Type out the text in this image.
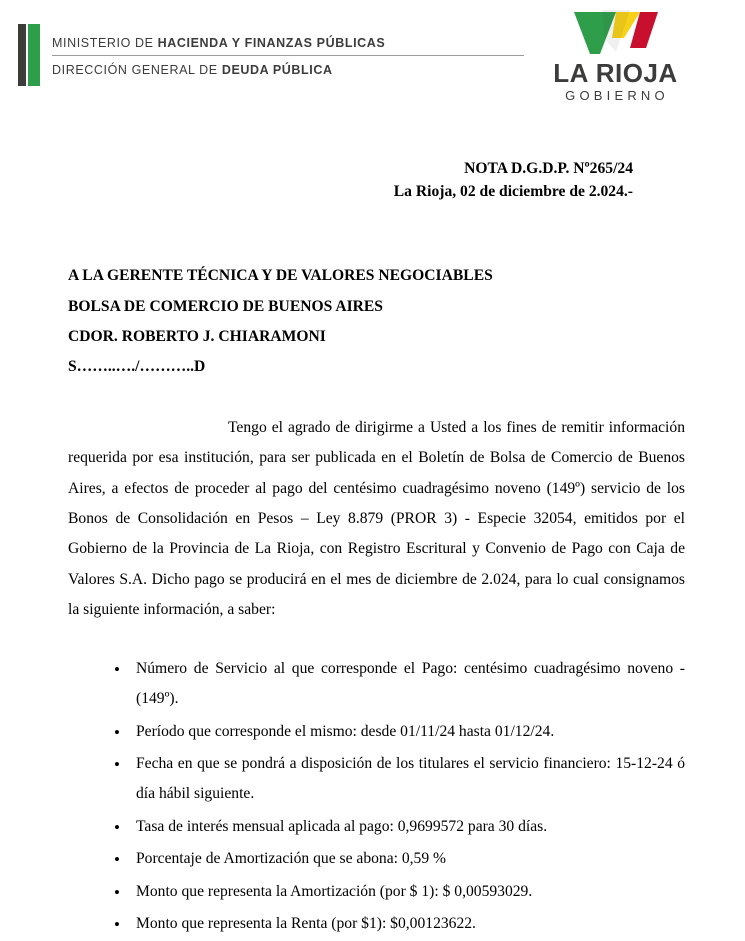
MINISTERIO DE HACIENDA Y FINANZAS PÚBLICAS
DIRECCIÓN GENERAL DE DEUDA PÚBLICA	LA RIOJA
GOBIERNO
NOTA D.G.D.P. Nº265/24
La Rioja, 02 de diciembre de 2.024.-
A LA GERENTE TÉCNICA Y DE VALORES NEGOCIABLES
BOLSA DE COMERCIO DE BUENOS AIRES
CDOR. ROBERTO J. CHIARAMONI
S……..…./………..D

Tengo el agrado de dirigirme a Usted a los fines de remitir información requerida por esa institución, para ser publicada en el Boletín de Bolsa de Comercio de Buenos Aires, a efectos de proceder al pago del centésimo cuadragésimo noveno (149º) servicio de los Bonos de Consolidación en Pesos – Ley 8.879 (PROR 3) - Especie 32054, emitidos por el Gobierno de la Provincia de La Rioja, con Registro Escritural y Convenio de Pago con Caja de Valores S.A. Dicho pago se producirá en el mes de diciembre de 2.024, para lo cual consignamos la siguiente información, a saber:

• Número de Servicio al que corresponde el Pago: centésimo cuadragésimo noveno - (149º).
• Período que corresponde el mismo: desde 01/11/24 hasta 01/12/24.
• Fecha en que se pondrá a disposición de los titulares el servicio financiero: 15-12-24 ó día hábil siguiente.
• Tasa de interés mensual aplicada al pago: 0,9699572 para 30 días.
• Porcentaje de Amortización que se abona: 0,59 %
• Monto que representa la Amortización (por $ 1): $ 0,00593029.
• Monto que representa la Renta (por $1): $0,00123622.
